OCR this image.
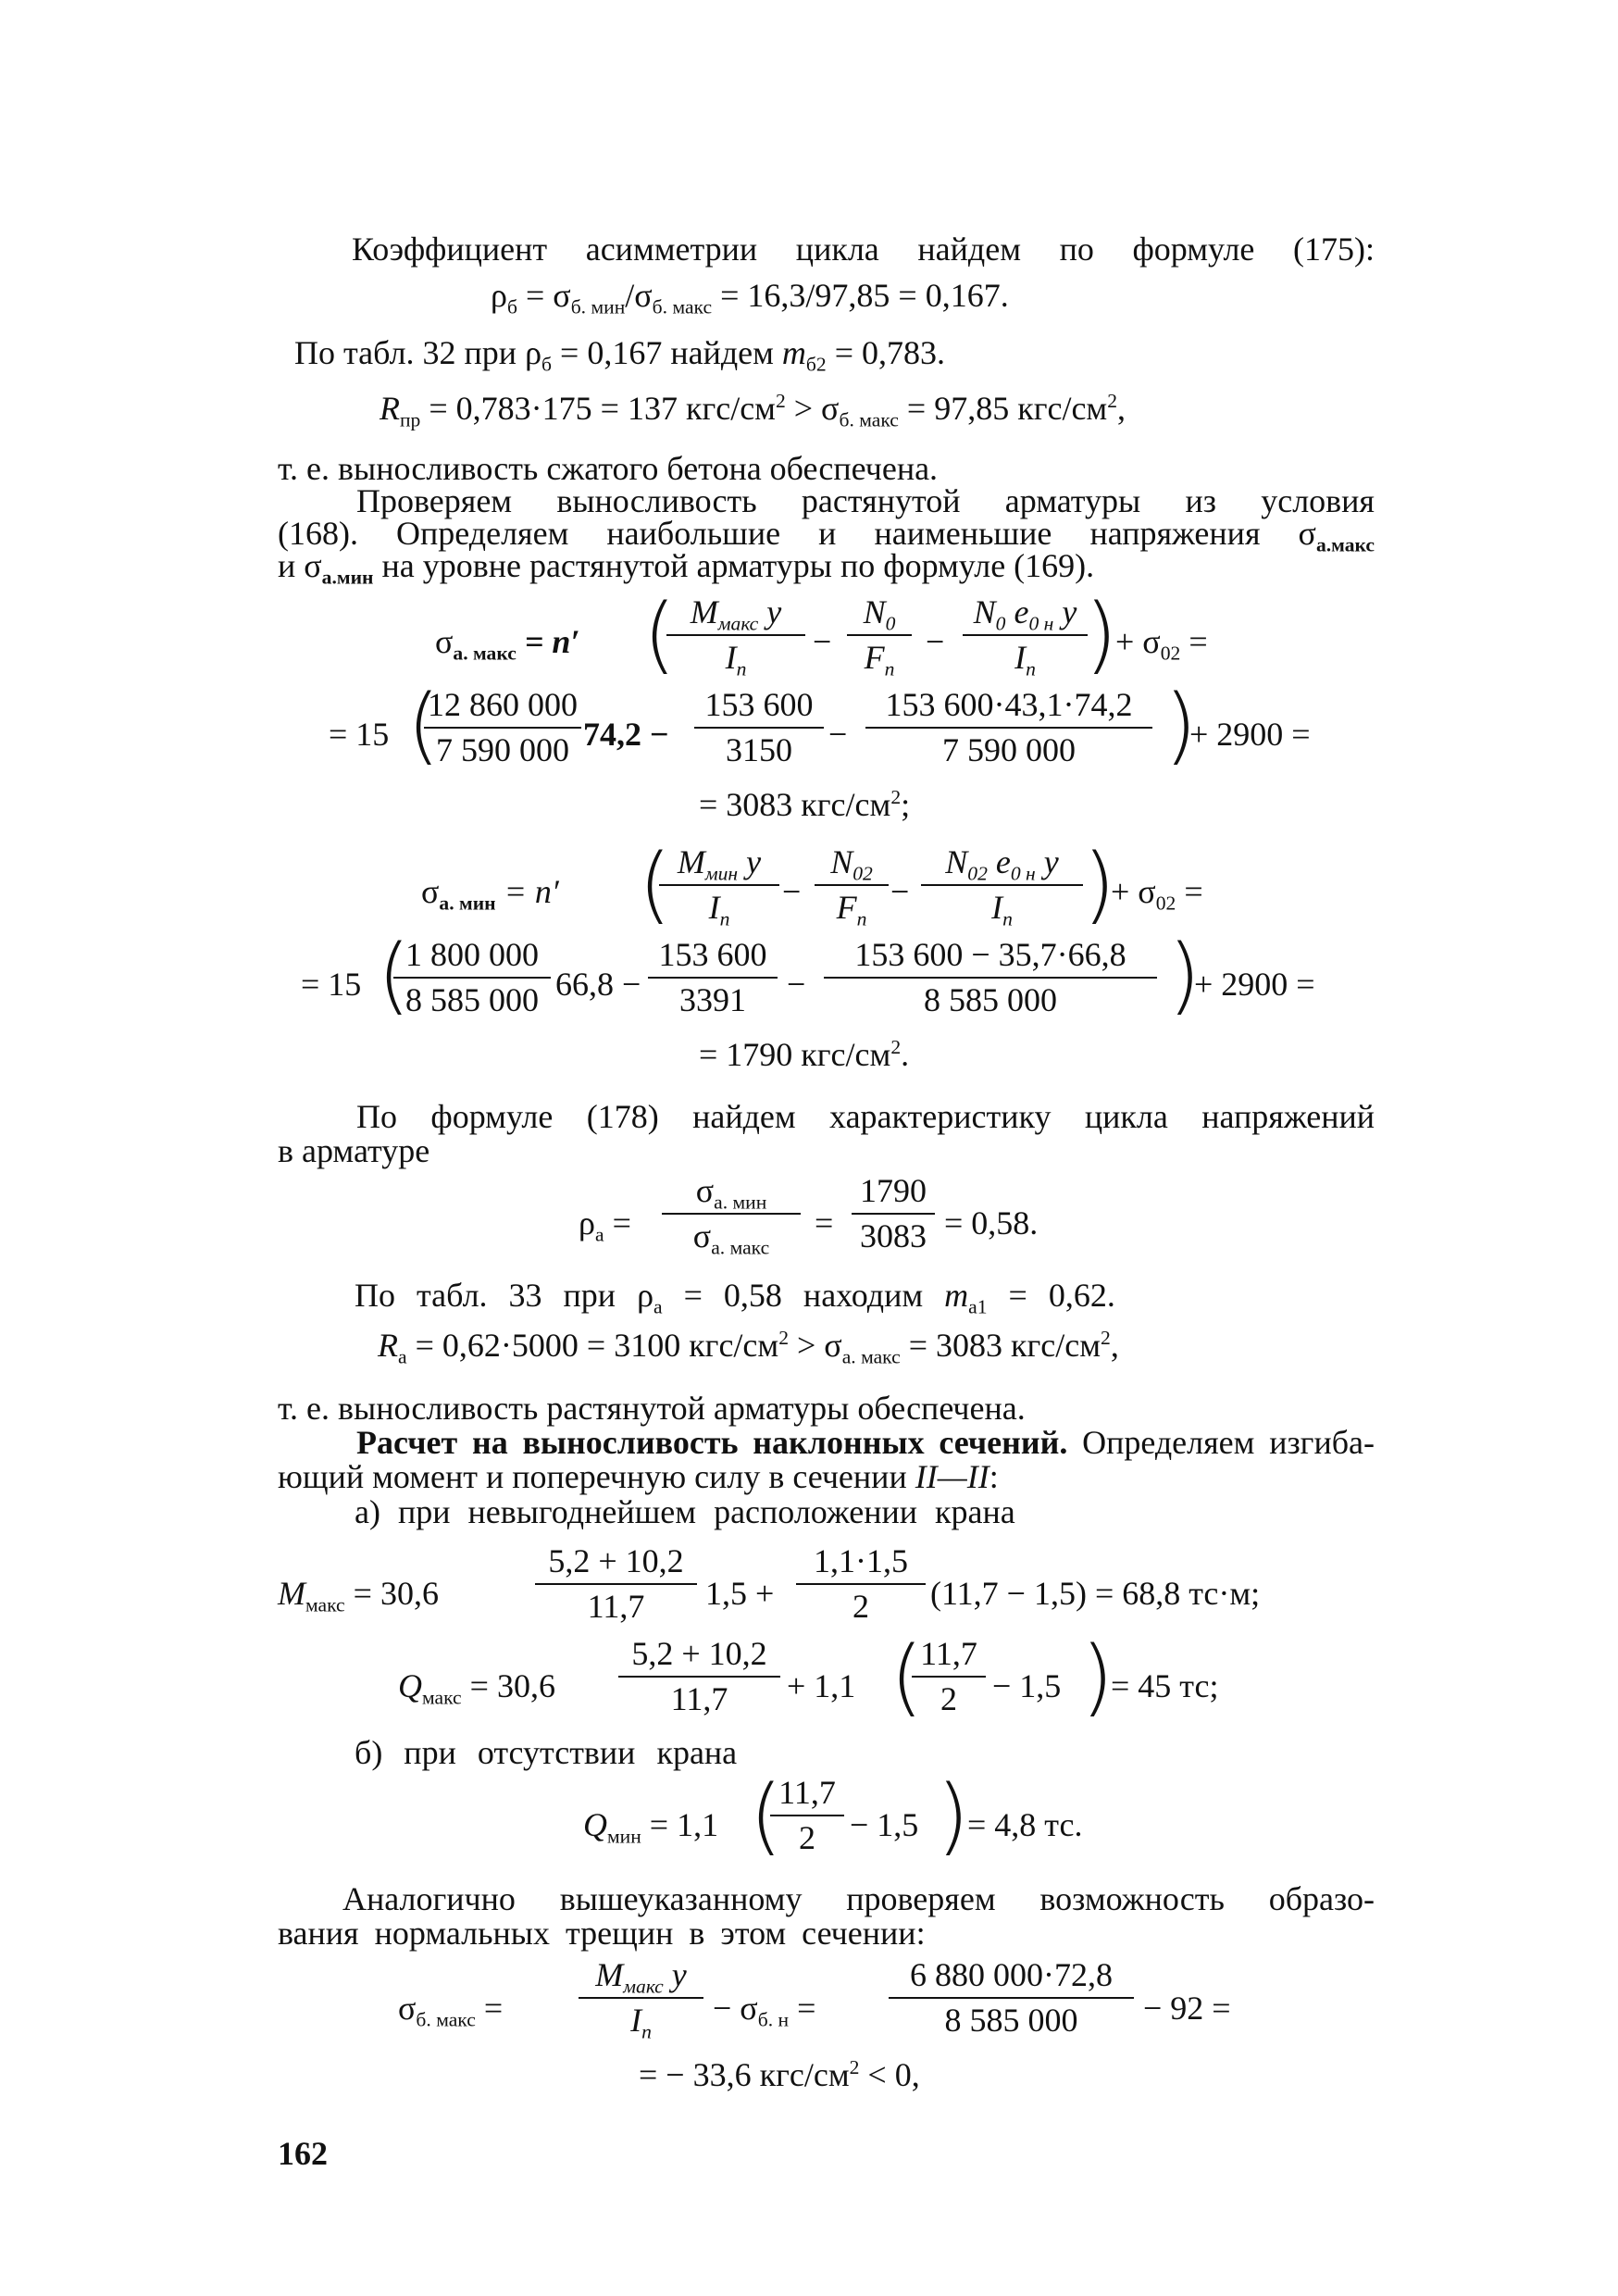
Коэффициент асимметрии цикла найдем по формуле (175):
$\rho_б = \sigma_{б. мин}/\sigma_{б. макс} = 16,3/97,85 = 0,167$.
По табл. 32 при $\rho_б = 0,167$ найдем $m_{б2} = 0,783$.
$R_{пр} = 0,783\cdot 175 = 137$ кгс/$см^2 > \sigma_{б. макс} = 97,85$ кгс/$см^2$,
т. е. выносливость сжатого бетона обеспечена.
Проверяем выносливость растянутой арматуры из условия
(168). Определяем наибольшие и наименьшие напряжения $\sigma_{а.макс}$
и $\sigma_{а.мин}$ на уровне растянутой арматуры по формуле (169).
$\sigma_{а. макс} = n'$ ( $M_{макс}$ y
$I_п$
−
$N_0$
$F_п$
−
$N_0$ $e_{0 н}$ y
$I_п$ )
+ $\sigma_{02}$ =
= 15 (
12 860 000
7 590 000 74,2 −
153 600
3150	−
153 600·43,1·74,2
7 590 000	)
+ 2900 =
= 3083 кгс/$см^2$;
$\sigma_{а. мин} = n'$ ( $M_{мин}$ y
$I_п$
−
$N_{02}$
$F_п$
−
$N_{02}$ $e_{0 н}$ y
$I_п$ )
+ $\sigma_{02}$ =
= 15 (
1 800 000
8 585 000 66,8 −
153 600
3391	−
153 600 − 35,7·66,8
8 585 000	)
+ 2900 =
= 1790 кгс/$см^2$.
По формуле (178) найдем характеристику цикла напряжений
в арматуре
$\rho_а$ =
$\sigma_{а. мин}$
$\sigma_{а. макс}$
=
1790
3083 = 0,58.
По табл. 33 при $\rho_а = 0,58$ находим $m_{а1} = 0,62$.
$R_а = 0,62\cdot 5000 = 3100$ кгс/$см^2 > \sigma_{а. макс} = 3083$ кгс/$см^2$,
т. е. выносливость растянутой арматуры обеспечена.
Расчет на выносливость наклонных сечений. Определяем изгиба-
ющий момент и поперечную силу в сечении II—II:
а) при невыгоднейшем расположении крана
$M_{макс} = 30,6$
5,2 + 10,2
11,7	1,5 +
1,1·1,5
2	(11,7 − 1,5) = 68,8 тс·м;
$Q_{макс} = 30,6$
5,2 + 10,2
11,7	+ 1,1 (
11,7
2	− 1,5 )
= 45 тс;
б) при отсутствии крана
$Q_{мин} = 1,1$ (
11,7
2	− 1,5 )
= 4,8 тс.
Аналогично вышеуказанному проверяем возможность образо-
вания нормальных трещин в этом сечении:
$\sigma_{б. макс}$ =
$M_{макс}$ y
$I_п$
− $\sigma_{б. н}$ =
6 880 000·72,8
8 585 000	− 92 =
= − 33,6 кгс/$см^2 < 0$,
162
